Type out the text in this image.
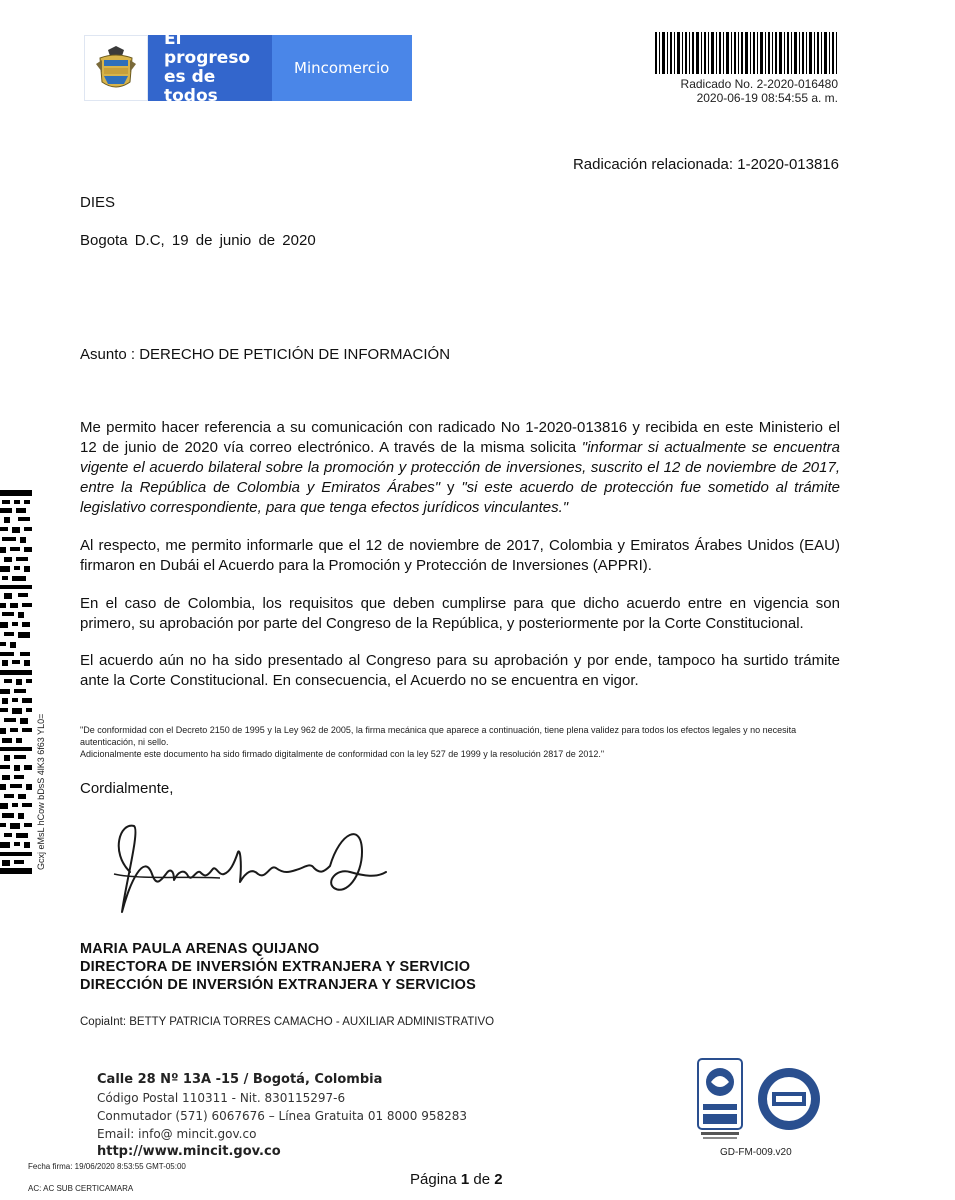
El progreso
es de todos
Mincomercio
Radicado No. 2-2020-016480
2020-06-19 08:54:55 a. m.
Radicación relacionada: 1-2020-013816
DIES
Bogota D.C, 19 de junio de 2020
Asunto : DERECHO DE PETICIÓN DE INFORMACIÓN
Me permito hacer referencia a su comunicación con radicado No 1-2020-013816 y recibida en este Ministerio el 12 de junio de 2020 vía correo electrónico. A través de la misma solicita "informar si actualmente se encuentra vigente el acuerdo bilateral sobre la promoción y protección de inversiones, suscrito el 12 de noviembre de 2017, entre la República de Colombia y Emiratos Árabes" y "si este acuerdo de protección fue sometido al trámite legislativo correspondiente, para que tenga efectos jurídicos vinculantes."
Al respecto, me permito informarle que el 12 de noviembre de 2017, Colombia y Emiratos Árabes Unidos (EAU) firmaron en Dubái el Acuerdo para la Promoción y Protección de Inversiones (APPRI).
En el caso de Colombia, los requisitos que deben cumplirse para que dicho acuerdo entre en vigencia son primero, su aprobación por parte del Congreso de la República, y posteriormente por la Corte Constitucional.
El acuerdo aún no ha sido presentado al Congreso para su aprobación y por ende, tampoco ha surtido trámite ante la Corte Constitucional. En consecuencia, el Acuerdo no se encuentra en vigor.
"De conformidad con el Decreto 2150 de 1995 y la Ley 962 de 2005, la firma mecánica que aparece a continuación, tiene plena validez para todos los efectos legales y no necesita autenticación, ni sello.
Adicionalmente este documento ha sido firmado digitalmente de conformidad con la ley 527 de 1999 y la resolución 2817 de 2012."
Cordialmente,
MARIA PAULA ARENAS QUIJANO
DIRECTORA DE INVERSIÓN EXTRANJERA Y SERVICIO
DIRECCIÓN DE INVERSIÓN EXTRANJERA Y SERVICIOS
CopiaInt: BETTY PATRICIA TORRES CAMACHO - AUXILIAR ADMINISTRATIVO
Calle 28 Nº 13A -15 / Bogotá, Colombia
Código Postal 110311 - Nit. 830115297-6
Conmutador (571) 6067676 – Línea Gratuita 01 8000 958283
Email: info@ mincit.gov.co
http://www.mincit.gov.co
Fecha firma: 19/06/2020 8:53:55 GMT-05:00
AC: AC SUB CERTICAMARA
Página 1 de 2
GD-FM-009.v20
Gcxj eMsL hCow bDsS 4lK3 6f63 YL0=
